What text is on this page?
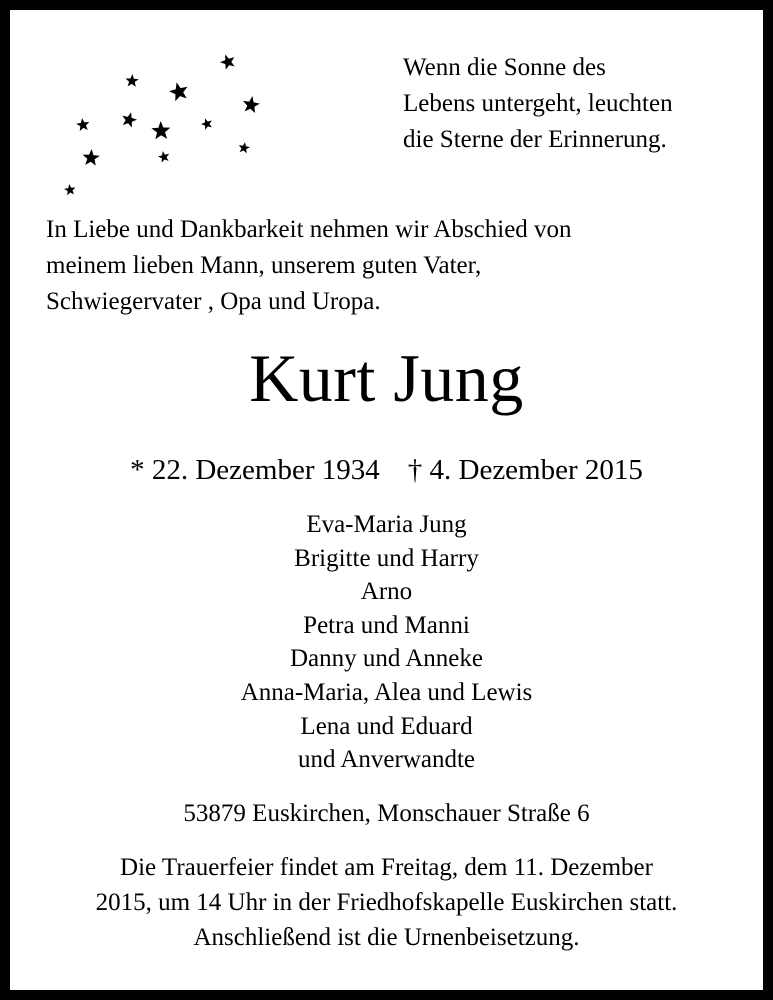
Wenn die Sonne des
Lebens untergeht, leuchten
die Sterne der Erinnerung.
In Liebe und Dankbarkeit nehmen wir Abschied von
meinem lieben Mann, unserem guten Vater,
Schwiegervater , Opa und Uropa.
Kurt Jung
* 22. Dezember 1934 † 4. Dezember 2015
Eva-Maria Jung
Brigitte und Harry
Arno
Petra und Manni
Danny und Anneke
Anna-Maria, Alea und Lewis
Lena und Eduard
und Anverwandte
53879 Euskirchen, Monschauer Straße 6
Die Trauerfeier findet am Freitag, dem 11. Dezember
2015, um 14 Uhr in der Friedhofskapelle Euskirchen statt.
Anschließend ist die Urnenbeisetzung.
